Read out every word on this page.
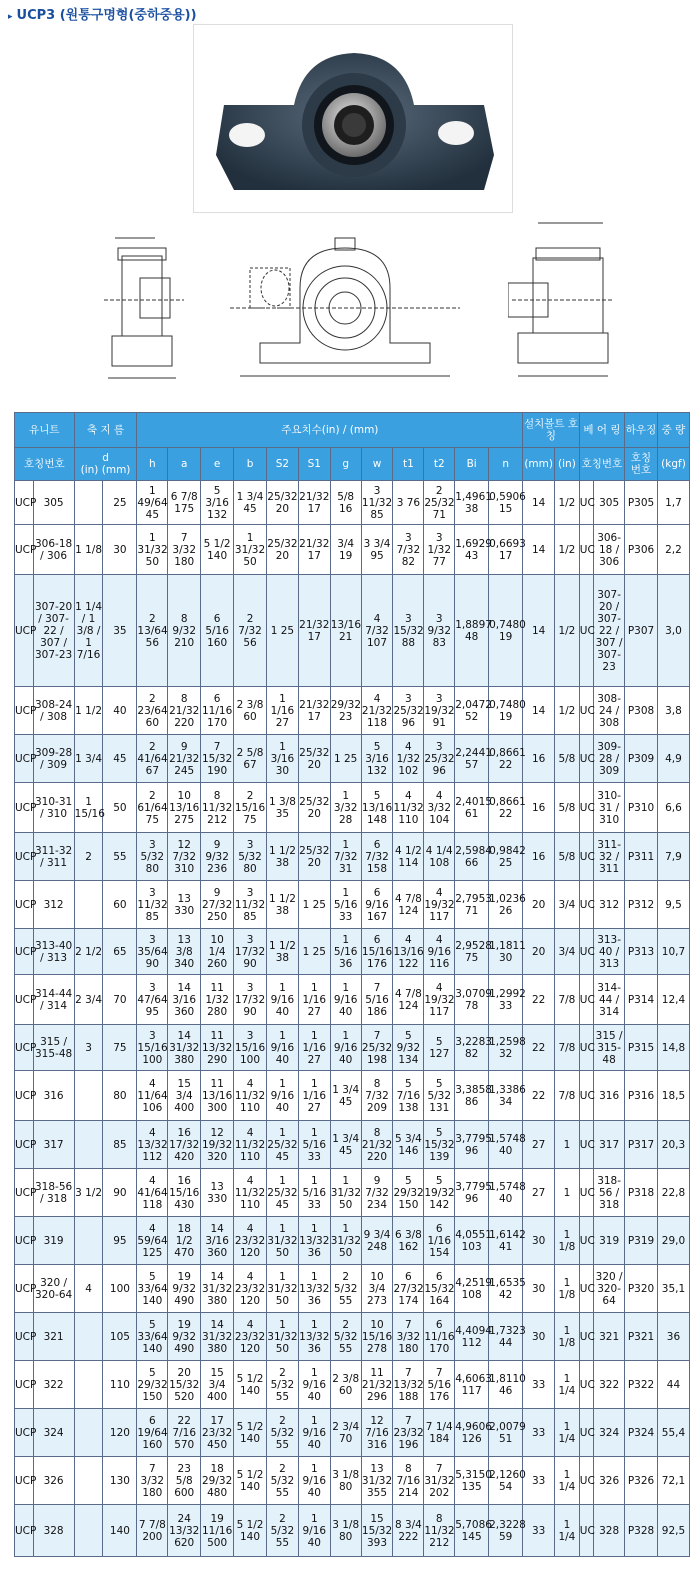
▸ UCP3 (원통구명형(중하중용))
유니트		축 지 름		주요치수(in) / (mm)												설치볼트 호 칭		베 어 링		하우징	중 량
호칭번호		d
(in) (mm)		h	a	e	b	S2	S1	g	w	t1	t2	Bi	n	(mm)	(in)	호칭번호		호칭 번호	(kgf)
UCP	305		25	1 49/64 45	6 7/8 175	5 3/16 132	1 3/4 45	25/32 20	21/32 17	5/8 16	3 11/32 85	3 76	2 25/32 71	1,4961 38	0,5906 15	14	1/2	UC	305	P305	1,7
UCP	306-18 / 306	1 1/8	30	1 31/32 50	7 3/32 180	5 1/2 140	1 31/32 50	25/32 20	21/32 17	3/4 19	3 3/4 95	3 7/32 82	3 1/32 77	1,6929 43	0,6693 17	14	1/2	UC	306-18 / 306	P306	2,2
UCP	307-20 / 307-22 / 307 / 307-23	1 1/4 / 1 3/8 / 1 7/16	35	2 13/64 56	8 9/32 210	6 5/16 160	2 7/32 56	1 25	21/32 17	13/16 21	4 7/32 107	3 15/32 88	3 9/32 83	1,8897 48	0,7480 19	14	1/2	UC	307-20 / 307-22 / 307 / 307-23	P307	3,0
UCP	308-24 / 308	1 1/2	40	2 23/64 60	8 21/32 220	6 11/16 170	2 3/8 60	1 1/16 27	21/32 17	29/32 23	4 21/32 118	3 25/32 96	3 19/32 91	2,0472 52	0,7480 19	14	1/2	UC	308-24 / 308	P308	3,8
UCP	309-28 / 309	1 3/4	45	2 41/64 67	9 21/32 245	7 15/32 190	2 5/8 67	1 3/16 30	25/32 20	1 25	5 3/16 132	4 1/32 102	3 25/32 96	2,2441 57	0,8661 22	16	5/8	UC	309-28 / 309	P309	4,9
UCP	310-31 / 310	1 15/16	50	2 61/64 75	10 13/16 275	8 11/32 212	2 15/16 75	1 3/8 35	25/32 20	1 3/32 28	5 13/16 148	4 11/32 110	4 3/32 104	2,4015 61	0,8661 22	16	5/8	UC	310-31 / 310	P310	6,6
UCP	311-32 / 311	2	55	3 5/32 80	12 7/32 310	9 9/32 236	3 5/32 80	1 1/2 38	25/32 20	1 7/32 31	6 7/32 158	4 1/2 114	4 1/4 108	2,5984 66	0,9842 25	16	5/8	UC	311-32 / 311	P311	7,9
UCP	312		60	3 11/32 85	13 330	9 27/32 250	3 11/32 85	1 1/2 38	1 25	1 5/16 33	6 9/16 167	4 7/8 124	4 19/32 117	2,7953 71	1,0236 26	20	3/4	UC	312	P312	9,5
UCP	313-40 / 313	2 1/2	65	3 35/64 90	13 3/8 340	10 1/4 260	3 17/32 90	1 1/2 38	1 25	1 5/16 36	6 15/16 176	4 13/16 122	4 9/16 116	2,9528 75	1,1811 30	20	3/4	UC	313-40 / 313	P313	10,7
UCP	314-44 / 314	2 3/4	70	3 47/64 95	14 3/16 360	11 1/32 280	3 17/32 90	1 9/16 40	1 1/16 27	1 9/16 40	7 5/16 186	4 7/8 124	4 19/32 117	3,0709 78	1,2992 33	22	7/8	UC	314-44 / 314	P314	12,4
UCP	315 / 315-48	3	75	3 15/16 100	14 31/32 380	11 13/32 290	3 15/16 100	1 9/16 40	1 1/16 27	1 9/16 40	7 25/32 198	5 9/32 134	5 127	3,2283 82	1,2598 32	22	7/8	UC	315 / 315-48	P315	14,8
UCP	316		80	4 11/64 106	15 3/4 400	11 13/16 300	4 11/32 110	1 9/16 40	1 1/16 27	1 3/4 45	8 7/32 209	5 7/16 138	5 5/32 131	3,3858 86	1,3386 34	22	7/8	UC	316	P316	18,5
UCP	317		85	4 13/32 112	16 17/32 420	12 19/32 320	4 11/32 110	1 25/32 45	1 5/16 33	1 3/4 45	8 21/32 220	5 3/4 146	5 15/32 139	3,7795 96	1,5748 40	27	1	UC	317	P317	20,3
UCP	318-56 / 318	3 1/2	90	4 41/64 118	16 15/16 430	13 330	4 11/32 110	1 25/32 45	1 5/16 33	1 31/32 50	9 7/32 234	5 29/32 150	5 19/32 142	3,7795 96	1,5748 40	27	1	UC	318-56 / 318	P318	22,8
UCP	319		95	4 59/64 125	18 1/2 470	14 3/16 360	4 23/32 120	1 31/32 50	1 13/32 36	1 31/32 50	9 3/4 248	6 3/8 162	6 1/16 154	4,0551 103	1,6142 41	30	1 1/8	UC	319	P319	29,0
UCP	320 / 320-64	4	100	5 33/64 140	19 9/32 490	14 31/32 380	4 23/32 120	1 31/32 50	1 13/32 36	2 5/32 55	10 3/4 273	6 27/32 174	6 15/32 164	4,2519 108	1,6535 42	30	1 1/8	UC	320 / 320-64	P320	35,1
UCP	321		105	5 33/64 140	19 9/32 490	14 31/32 380	4 23/32 120	1 31/32 50	1 13/32 36	2 5/32 55	10 15/16 278	7 3/32 180	6 11/16 170	4,4094 112	1,7323 44	30	1 1/8	UC	321	P321	36
UCP	322		110	5 29/32 150	20 15/32 520	15 3/4 400	5 1/2 140	2 5/32 55	1 9/16 40	2 3/8 60	11 21/32 296	7 13/32 188	7 5/16 176	4,6063 117	1,8110 46	33	1 1/4	UC	322	P322	44
UCP	324		120	6 19/64 160	22 7/16 570	17 23/32 450	5 1/2 140	2 5/32 55	1 9/16 40	2 3/4 70	12 7/16 316	7 23/32 196	7 1/4 184	4,9606 126	2,0079 51	33	1 1/4	UC	324	P324	55,4
UCP	326		130	7 3/32 180	23 5/8 600	18 29/32 480	5 1/2 140	2 5/32 55	1 9/16 40	3 1/8 80	13 31/32 355	8 7/16 214	7 31/32 202	5,3150 135	2,1260 54	33	1 1/4	UC	326	P326	72,1
UCP	328		140	7 7/8 200	24 13/32 620	19 11/16 500	5 1/2 140	2 5/32 55	1 9/16 40	3 1/8 80	15 15/32 393	8 3/4 222	8 11/32 212	5,7086 145	2,3228 59	33	1 1/4	UC	328	P328	92,5
